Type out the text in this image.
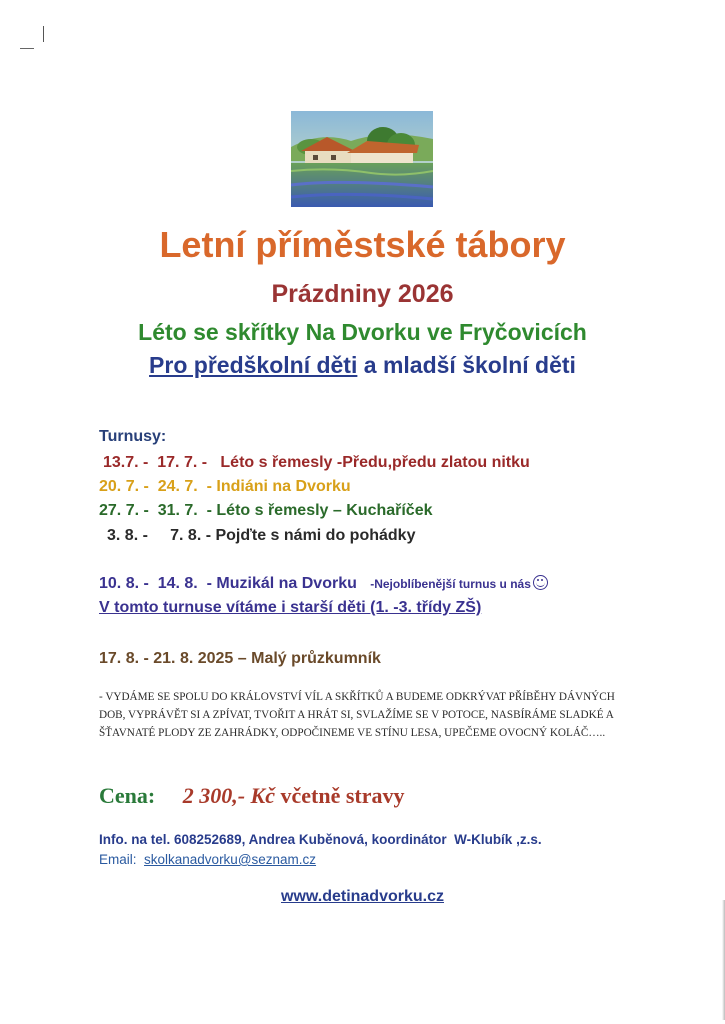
Letní příměstské tábory
Prázdniny 2026
Léto se skřítky Na Dvorku ve Fryčovicích
Pro předškolní děti a mladší školní děti
Turnusy:
13.7. -  17. 7. -   Léto s řemesly -Předu,předu zlatou nitku
20. 7. -  24. 7.  - Indiáni na Dvorku
27. 7. -  31. 7.  - Léto s řemesly – Kuchaříček
3. 8. -     7. 8. - Pojďte s námi do pohádky
10. 8. -  14. 8.  - Muzikál na Dvorku   -Nejoblíbenější turnus u nás
V tomto turnuse vítáme i starší děti (1. -3. třídy ZŠ)
17. 8. - 21. 8. 2025 – Malý průzkumník
- VYDÁME SE SPOLU DO KRÁLOVSTVÍ VÍL A SKŘÍTKŮ A BUDEME ODKRÝVAT PŘÍBĚHY DÁVNÝCH DOB, VYPRÁVĚT SI A ZPÍVAT, TVOŘIT A HRÁT SI, SVLAŽÍME SE V POTOCE, NASBÍRÁME SLADKÉ A ŠŤAVNATÉ PLODY ZE ZAHRÁDKY, ODPOČINEME VE STÍNU LESA, UPEČEME OVOCNÝ KOLÁČ…..
Cena: 2 300,- Kč včetně stravy
Info. na tel. 608252689, Andrea Kuběnová, koordinátor  W-Klubík ,z.s.
Email:  skolkanadvorku@seznam.cz
www.detinadvorku.cz
